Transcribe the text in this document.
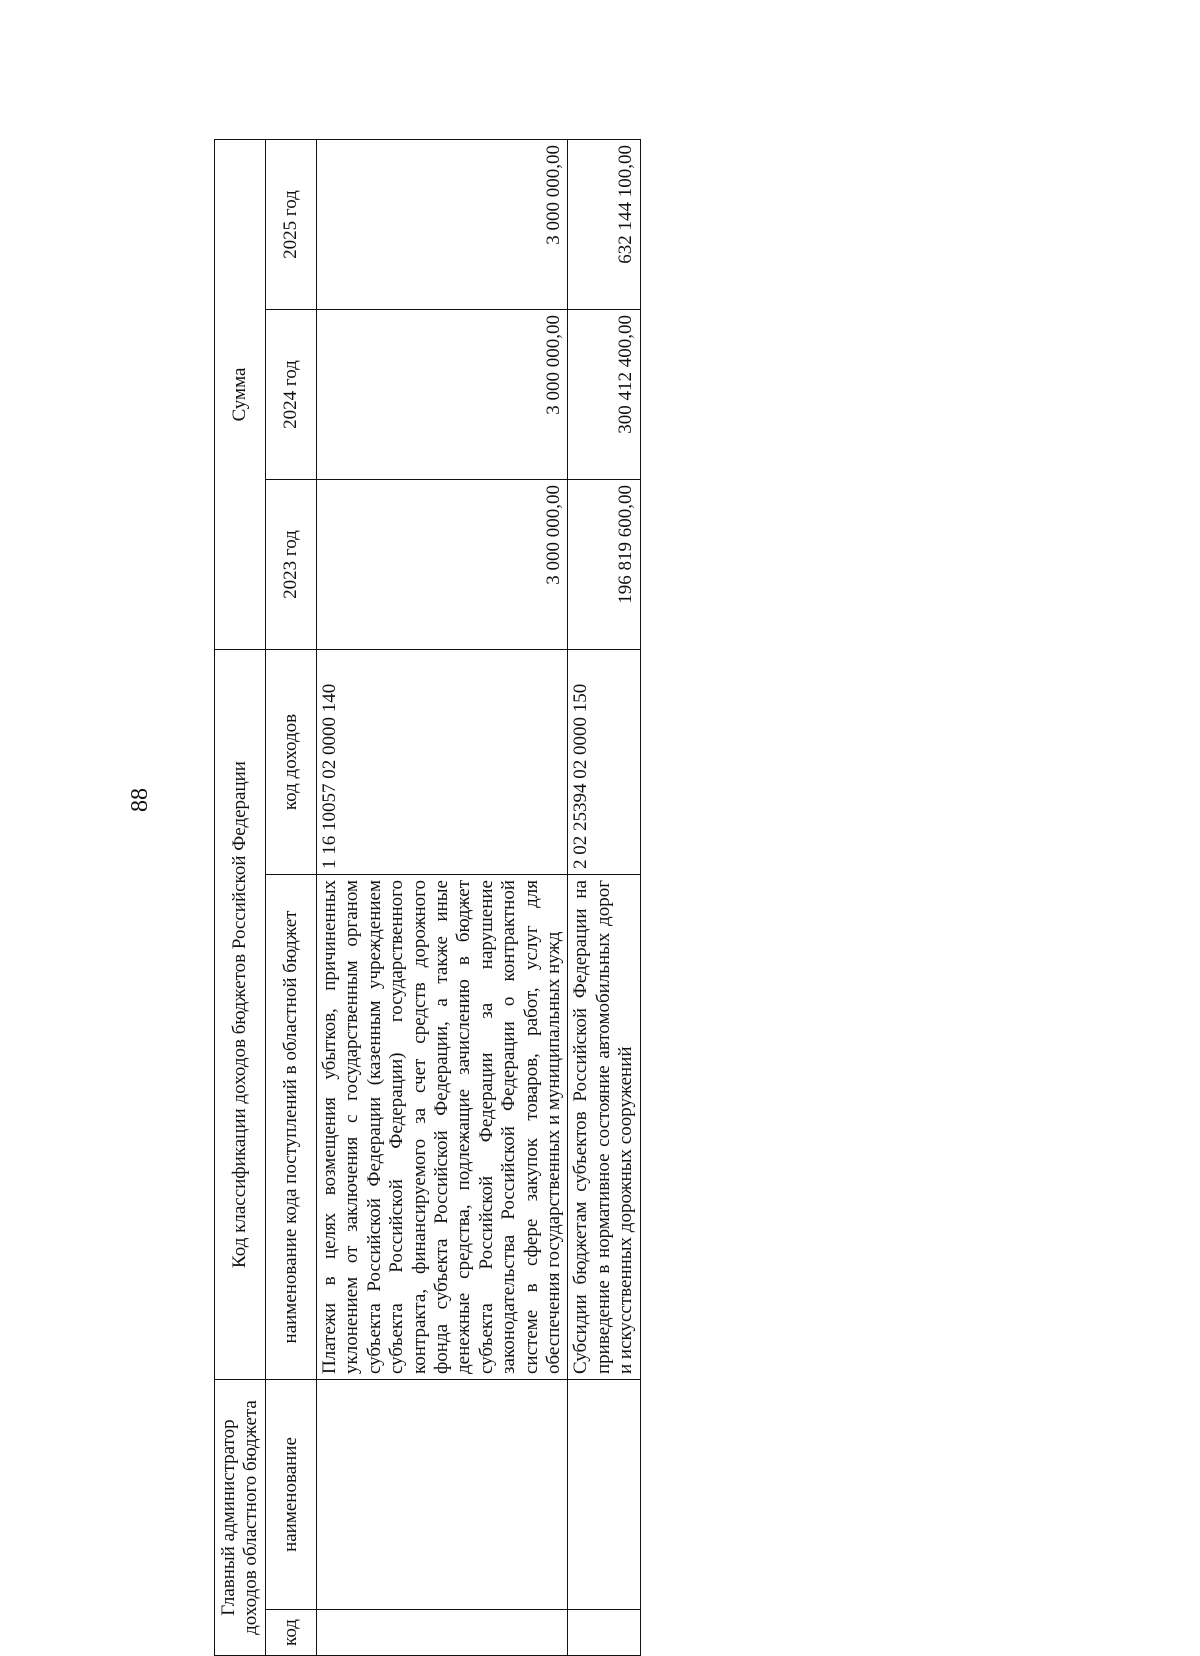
88
Главный администратор доходов областного бюджета		Код классификации доходов бюджетов Российской Федерации		Сумма		
код	наименование	наименование кода поступлений в областной бюджет	код доходов	2023 год	2024 год	2025 год
		Платежи в целях возмещения убытков, причиненных уклонением от заключения с государственным органом субъекта Российской Федерации (казенным учреждением субъекта Российской Федерации) государственного контракта, финансируемого за счет средств дорожного фонда субъекта Российской Федерации, а также иные денежные средства, подлежащие зачислению в бюджет субъекта Российской Федерации за нарушение законодательства Российской Федерации о контрактной системе в сфере закупок товаров, работ, услуг для обеспечения государственных и муниципальных нужд	1 16 10057 02 0000 140	3 000 000,00	3 000 000,00	3 000 000,00
		Субсидии бюджетам субъектов Российской Федерации на приведение в нормативное состояние автомобильных дорог и искусственных дорожных сооружений	2 02 25394 02 0000 150	196 819 600,00	300 412 400,00	632 144 100,00
